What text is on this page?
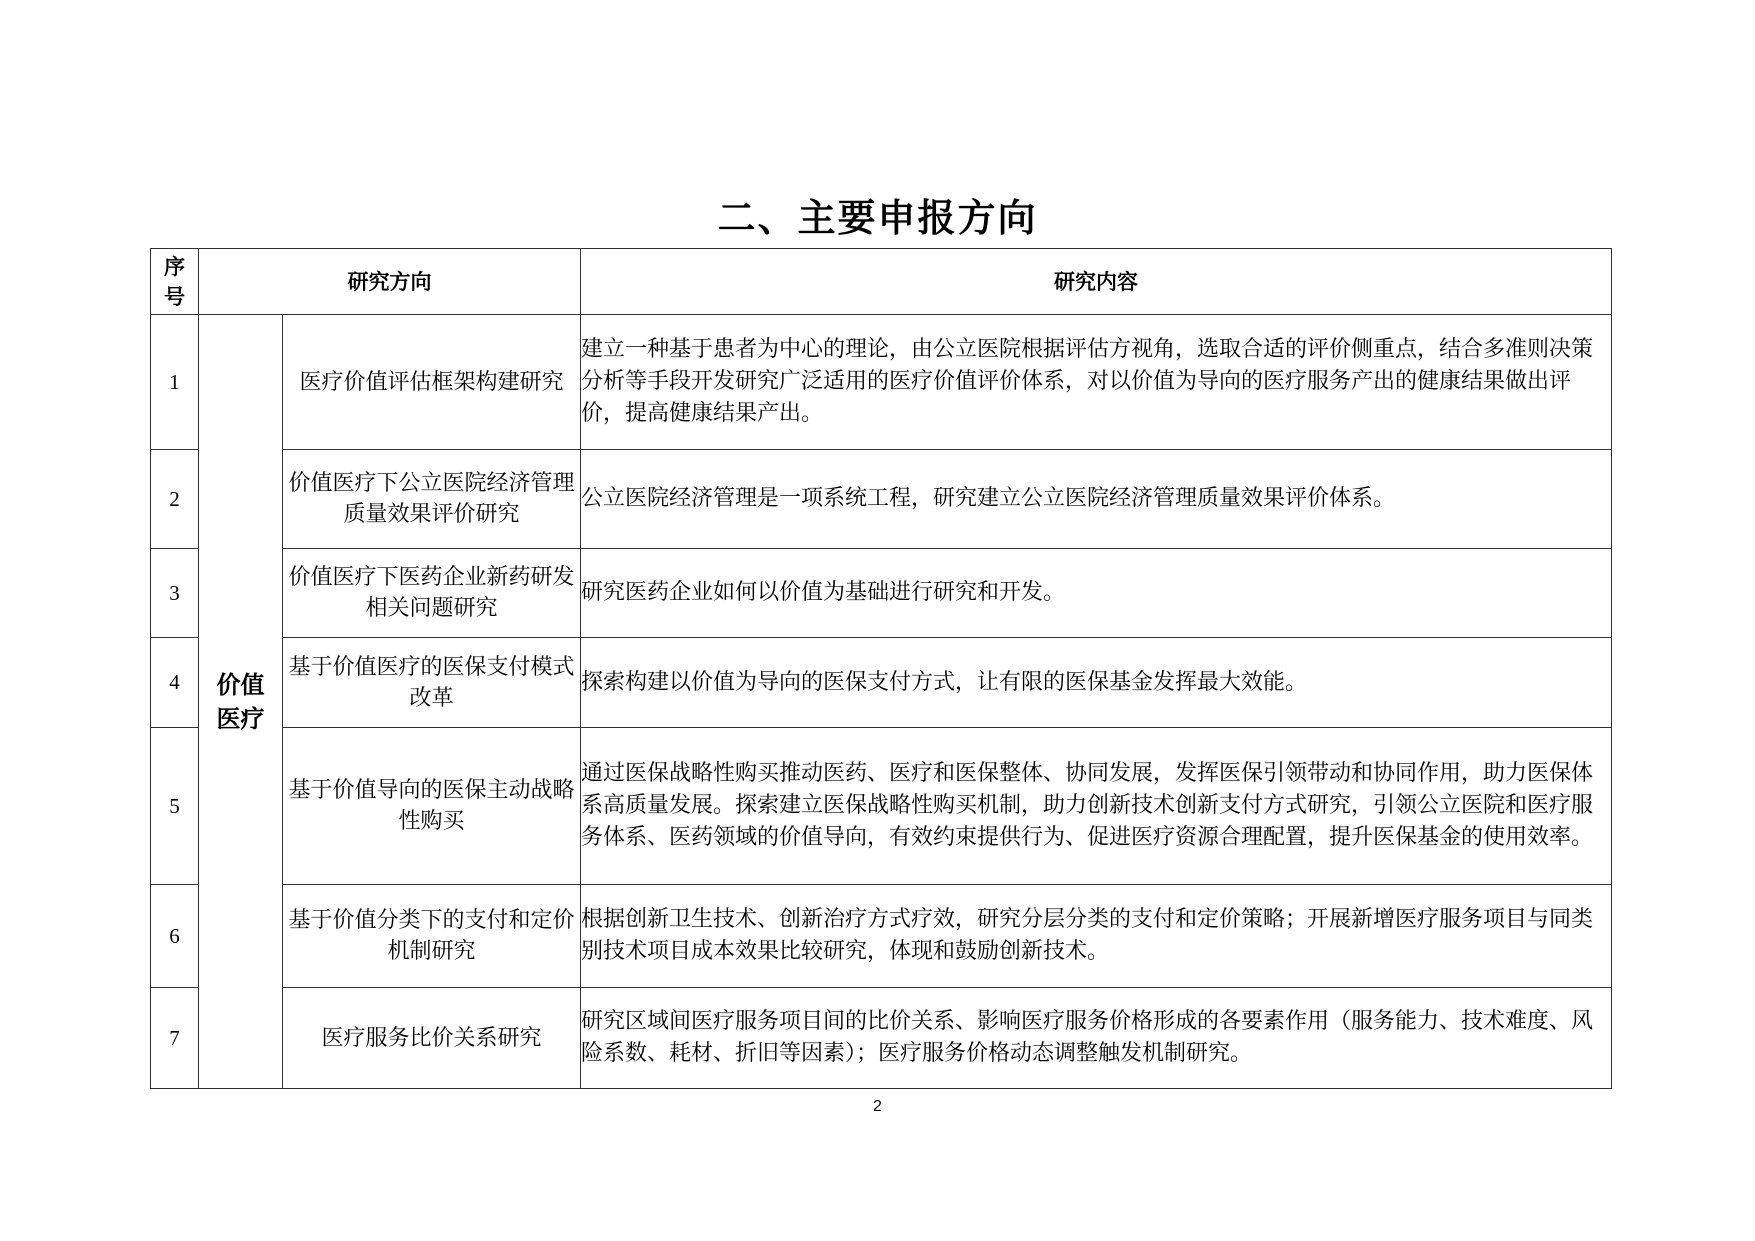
二、主要申报方向
序号	研究方向		研究内容
1	价值医疗	医疗价值评估框架构建研究	建立一种基于患者为中心的理论，由公立医院根据评估方视角，选取合适的评价侧重点，结合多准则决策分析等手段开发研究广泛适用的医疗价值评价体系，对以价值为导向的医疗服务产出的健康结果做出评价，提高健康结果产出。
2		价值医疗下公立医院经济管理质量效果评价研究	公立医院经济管理是一项系统工程，研究建立公立医院经济管理质量效果评价体系。
3		价值医疗下医药企业新药研发相关问题研究	研究医药企业如何以价值为基础进行研究和开发。
4		基于价值医疗的医保支付模式改革	探索构建以价值为导向的医保支付方式，让有限的医保基金发挥最大效能。
5		基于价值导向的医保主动战略性购买	通过医保战略性购买推动医药、医疗和医保整体、协同发展，发挥医保引领带动和协同作用，助力医保体系高质量发展。探索建立医保战略性购买机制，助力创新技术创新支付方式研究，引领公立医院和医疗服务体系、医药领域的价值导向，有效约束提供行为、促进医疗资源合理配置，提升医保基金的使用效率。
6		基于价值分类下的支付和定价机制研究	根据创新卫生技术、创新治疗方式疗效，研究分层分类的支付和定价策略；开展新增医疗服务项目与同类别技术项目成本效果比较研究，体现和鼓励创新技术。
7		医疗服务比价关系研究	研究区域间医疗服务项目间的比价关系、影响医疗服务价格形成的各要素作用（服务能力、技术难度、风险系数、耗材、折旧等因素）；医疗服务价格动态调整触发机制研究。
2
